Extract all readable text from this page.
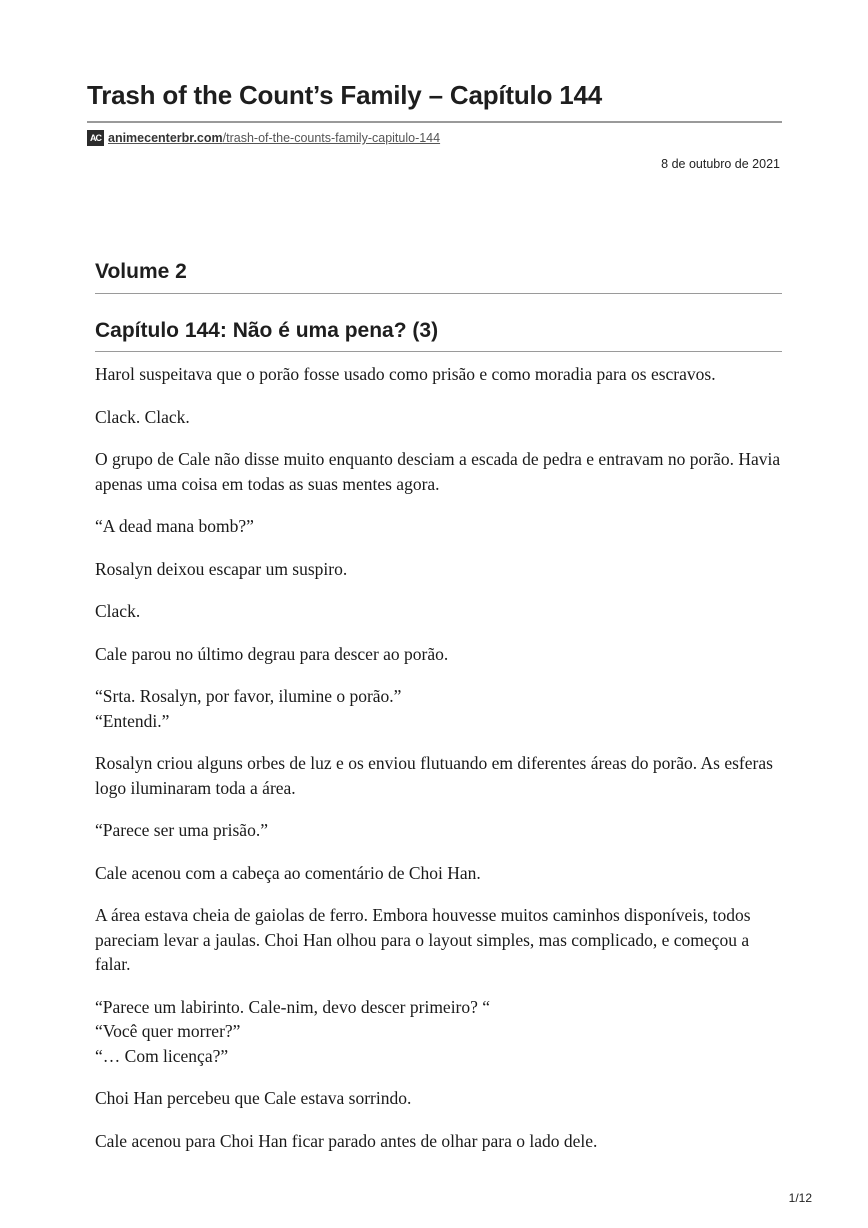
Trash of the Count’s Family – Capítulo 144
AC animecenterbr.com/trash-of-the-counts-family-capitulo-144
8 de outubro de 2021
Volume 2
Capítulo 144: Não é uma pena? (3)

Harol suspeitava que o porão fosse usado como prisão e como moradia para os escravos.

Clack. Clack.

O grupo de Cale não disse muito enquanto desciam a escada de pedra e entravam no porão. Havia apenas uma coisa em todas as suas mentes agora.

“A dead mana bomb?”

Rosalyn deixou escapar um suspiro.

Clack.

Cale parou no último degrau para descer ao porão.

“Srta. Rosalyn, por favor, ilumine o porão.”
“Entendi.”

Rosalyn criou alguns orbes de luz e os enviou flutuando em diferentes áreas do porão. As esferas logo iluminaram toda a área.

“Parece ser uma prisão.”

Cale acenou com a cabeça ao comentário de Choi Han.

A área estava cheia de gaiolas de ferro. Embora houvesse muitos caminhos disponíveis, todos pareciam levar a jaulas. Choi Han olhou para o layout simples, mas complicado, e começou a falar.

“Parece um labirinto. Cale-nim, devo descer primeiro? “
“Você quer morrer?”
“… Com licença?”

Choi Han percebeu que Cale estava sorrindo.

Cale acenou para Choi Han ficar parado antes de olhar para o lado dele.

1/12
